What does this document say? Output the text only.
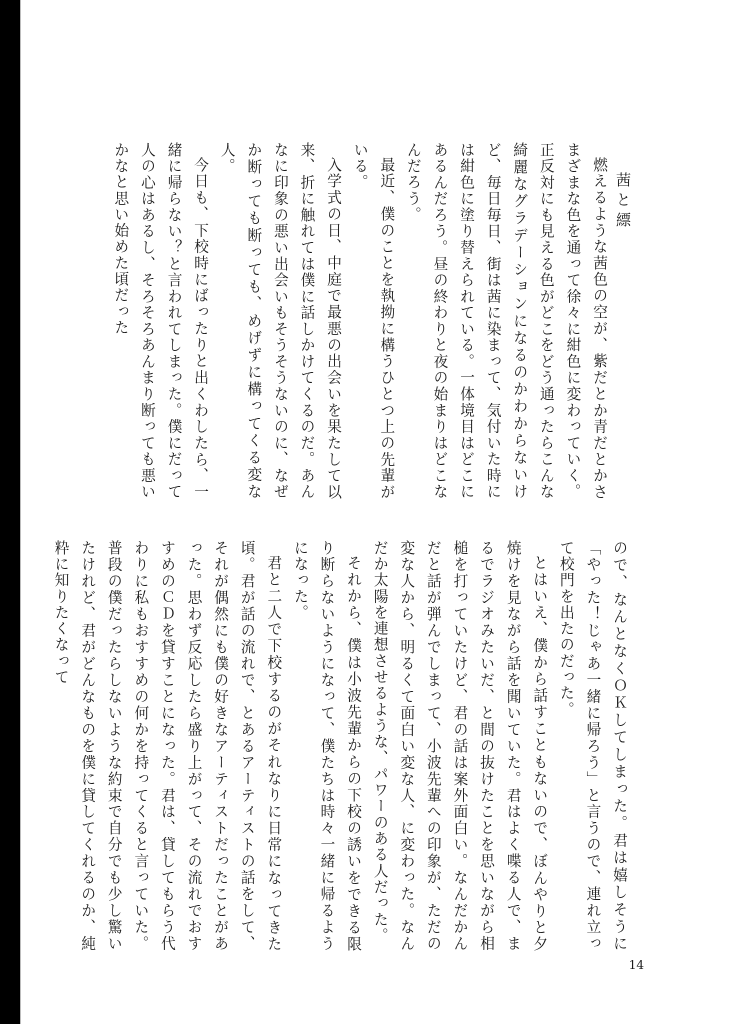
茜と縹
燃えるような茜色の空が、紫だとか青だとかさまざまな色を通って徐々に紺色に変わっていく。正反対にも見える色がどこをどう通ったらこんな綺麗なグラデーションになるのかわからないけど、毎日毎日、街は茜に染まって、気付いた時には紺色に塗り替えられている。一体境目はどこにあるんだろう。昼の終わりと夜の始まりはどこなんだろう。
最近、僕のことを執拗に構うひとつ上の先輩がいる。
入学式の日、中庭で最悪の出会いを果たして以来、折に触れては僕に話しかけてくるのだ。あんなに印象の悪い出会いもそうそうないのに、なぜか断っても断っても、めげずに構ってくる変な人。
今日も、下校時にばったりと出くわしたら、一緒に帰らない？と言われてしまった。僕にだって人の心はあるし、そろそろあんまり断っても悪いかなと思い始めた頃だった
ので、なんとなくＯＫしてしまった。君は嬉しそうに「やった！じゃあ一緒に帰ろう」と言うので、連れ立って校門を出たのだった。
とはいえ、僕から話すこともないので、ぼんやりと夕焼けを見ながら話を聞いていた。君はよく喋る人で、まるでラジオみたいだ、と間の抜けたことを思いながら相槌を打っていたけど、君の話は案外面白い。なんだかんだと話が弾んでしまって、小波先輩への印象が、ただの変な人から、明るくて面白い変な人、に変わった。なんだか太陽を連想させるような、パワーのある人だった。
それから、僕は小波先輩からの下校の誘いをできる限り断らないようになって、僕たちは時々一緒に帰るようになった。
君と二人で下校するのがそれなりに日常になってきた頃。君が話の流れで、とあるアーティストの話をして、それが偶然にも僕の好きなアーティストだったことがあった。思わず反応したら盛り上がって、その流れでおすすめのＣＤを貸すことになった。君は、貸してもらう代わりに私もおすすめの何かを持ってくると言っていた。普段の僕だったらしないような約束で自分でも少し驚いたけれど、君がどんなものを僕に貸してくれるのか、純粋に知りたくなって
14
